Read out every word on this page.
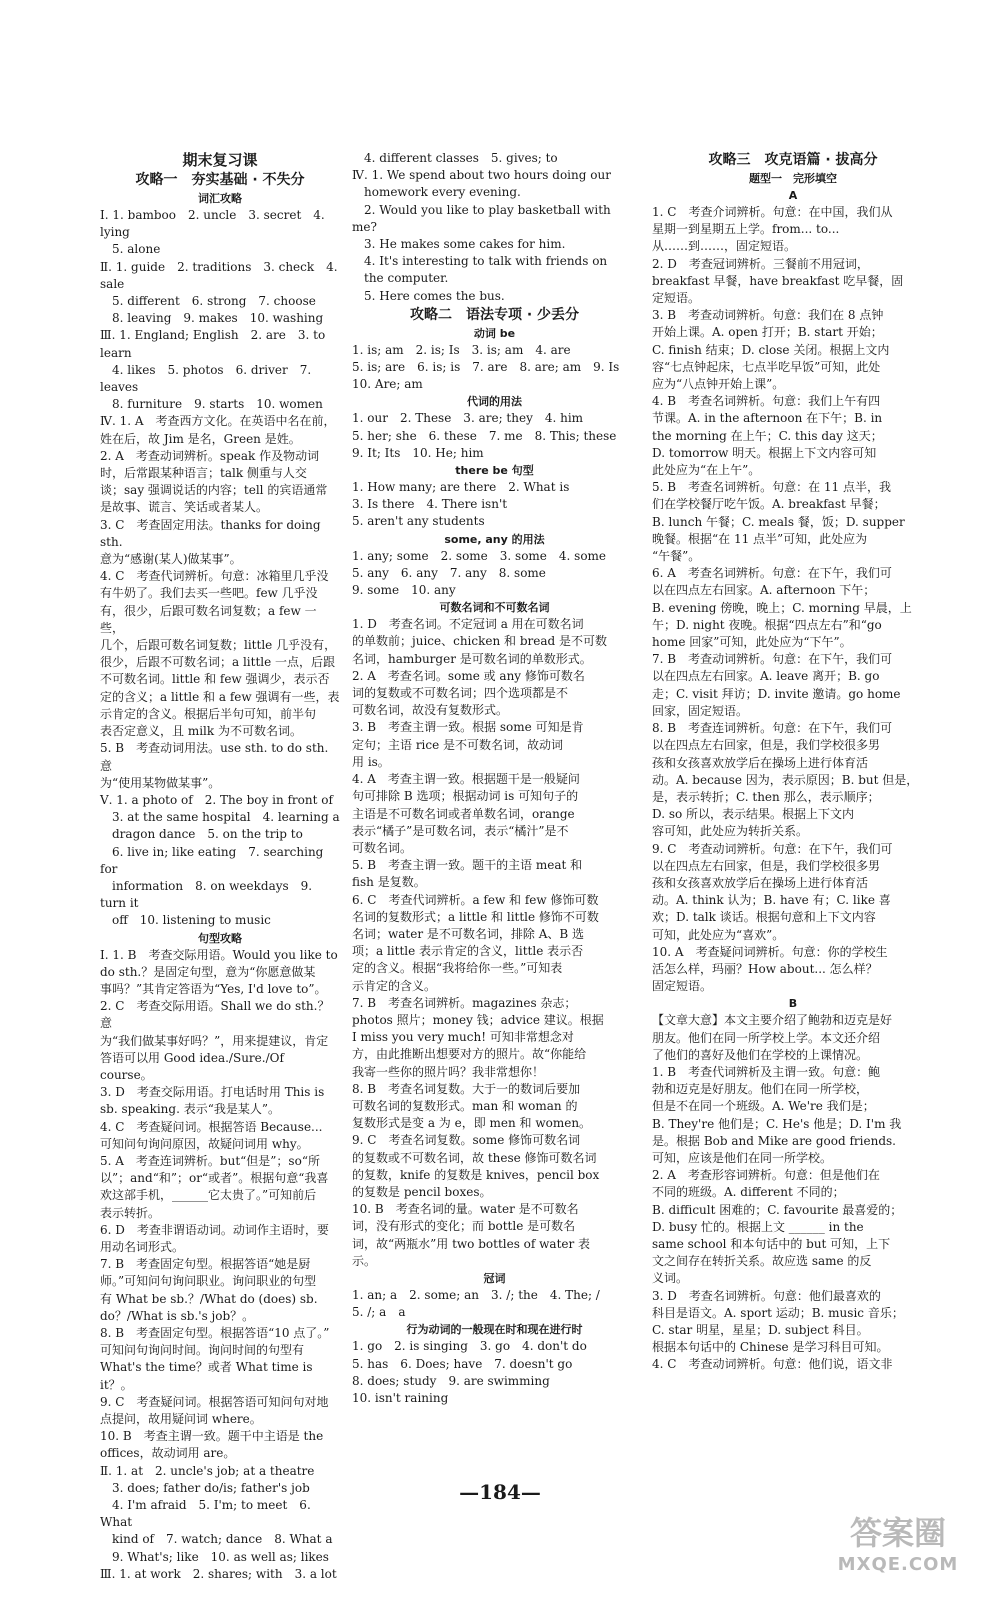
期末复习课
攻略一　夯实基础 · 不失分
词汇攻略
Ⅰ. 1. bamboo　2. uncle　3. secret　4. lying
　5. alone
Ⅱ. 1. guide　2. traditions　3. check　4. sale
　5. different　6. strong　7. choose
　8. leaving　9. makes　10. washing
Ⅲ. 1. England; English　2. are　3. to learn
　4. likes　5. photos　6. driver　7. leaves
　8. furniture　9. starts　10. women
Ⅳ. 1. A　考查西方文化。在英语中名在前，
姓在后，故 Jim 是名，Green 是姓。
2. A　考查动词辨析。speak 作及物动词
时，后常跟某种语言；talk 侧重与人交
谈；say 强调说话的内容；tell 的宾语通常
是故事、谎言、笑话或者某人。
3. C　考查固定用法。thanks for doing sth.
意为“感谢(某人)做某事”。
4. C　考查代词辨析。句意：冰箱里几乎没
有牛奶了。我们去买一些吧。few 几乎没
有，很少，后跟可数名词复数；a few 一些，
几个，后跟可数名词复数；little 几乎没有，
很少，后跟不可数名词；a little 一点，后跟
不可数名词。little 和 few 强调少，表示否
定的含义；a little 和 a few 强调有一些，表
示肯定的含义。根据后半句可知，前半句
表否定意义，且 milk 为不可数名词。
5. B　考查动词用法。use sth. to do sth. 意
为“使用某物做某事”。
Ⅴ. 1. a photo of　2. The boy in front of
　3. at the same hospital　4. learning a
　dragon dance　5. on the trip to
　6. live in; like eating　7. searching for
　information　8. on weekdays　9. turn it
　off　10. listening to music
句型攻略
Ⅰ. 1. B　考查交际用语。Would you like to
do sth.？是固定句型，意为“你愿意做某
事吗？”其肯定答语为“Yes, I'd love to”。
2. C　考查交际用语。Shall we do sth.？意
为“我们做某事好吗？”，用来提建议，肯定
答语可以用 Good idea./Sure./Of course。
3. D　考查交际用语。打电话时用 This is
sb. speaking. 表示“我是某人”。
4. C　考查疑问词。根据答语 Because...
可知问句询问原因，故疑问词用 why。
5. A　考查连词辨析。but“但是”；so“所
以”；and“和”；or“或者”。根据句意“我喜
欢这部手机，______它太贵了。”可知前后
表示转折。
6. D　考查非谓语动词。动词作主语时，要
用动名词形式。
7. B　考查固定句型。根据答语“她是厨
师。”可知问句询问职业。询问职业的句型
有 What be sb.？/What do (does) sb.
do？/What is sb.'s job？。
8. B　考查固定句型。根据答语“10 点了。”
可知问句询问时间。询问时间的句型有
What's the time？或者 What time is it？。
9. C　考查疑问词。根据答语可知问句对地
点提问，故用疑问词 where。
10. B　考查主谓一致。题干中主语是 the
offices，故动词用 are。
Ⅱ. 1. at　2. uncle's job; at a theatre
　3. does; father do/is; father's job
　4. I'm afraid　5. I'm; to meet　6. What
　kind of　7. watch; dance　8. What a
　9. What's; like　10. as well as; likes
Ⅲ. 1. at work　2. shares; with　3. a lot
　4. different classes　5. gives; to
Ⅳ. 1. We spend about two hours doing our
　homework every evening.
　2. Would you like to play basketball with me?
　3. He makes some cakes for him.
　4. It's interesting to talk with friends on
　the computer.
　5. Here comes the bus.
攻略二　语法专项 · 少丢分
动词 be
1. is; am　2. is; Is　3. is; am　4. are
5. is; are　6. is; is　7. are　8. are; am　9. Is
10. Are; am
代词的用法
1. our　2. These　3. are; they　4. him
5. her; she　6. these　7. me　8. This; these
9. It; Its　10. He; him
there be 句型
1. How many; are there　2. What is
3. Is there　4. There isn't
5. aren't any students
some, any 的用法
1. any; some　2. some　3. some　4. some
5. any　6. any　7. any　8. some
9. some　10. any
可数名词和不可数名词
1. D　考查名词。不定冠词 a 用在可数名词
的单数前；juice、chicken 和 bread 是不可数
名词，hamburger 是可数名词的单数形式。
2. A　考查名词。some 或 any 修饰可数名
词的复数或不可数名词；四个选项都是不
可数名词，故没有复数形式。
3. B　考查主谓一致。根据 some 可知是肯
定句；主语 rice 是不可数名词，故动词
用 is。
4. A　考查主谓一致。根据题干是一般疑问
句可排除 B 选项；根据动词 is 可知句子的
主语是不可数名词或者单数名词，orange
表示“橘子”是可数名词，表示“橘汁”是不
可数名词。
5. B　考查主谓一致。题干的主语 meat 和
fish 是复数。
6. C　考查代词辨析。a few 和 few 修饰可数
名词的复数形式；a little 和 little 修饰不可数
名词；water 是不可数名词，排除 A、B 选
项；a little 表示肯定的含义，little 表示否
定的含义。根据“我将给你一些。”可知表
示肯定的含义。
7. B　考查名词辨析。magazines 杂志；
photos 照片；money 钱；advice 建议。根据
I miss you very much! 可知非常想念对
方，由此推断出想要对方的照片。故“你能给
我寄一些你的照片吗？我非常想你！
8. B　考查名词复数。大于一的数词后要加
可数名词的复数形式。man 和 woman 的
复数形式是变 a 为 e，即 men 和 women。
9. C　考查名词复数。some 修饰可数名词
的复数或不可数名词，故 these 修饰可数名词
的复数，knife 的复数是 knives，pencil box
的复数是 pencil boxes。
10. B　考查名词的量。water 是不可数名
词，没有形式的变化；而 bottle 是可数名
词，故“两瓶水”用 two bottles of water 表
示。
冠词
1. an; a　2. some; an　3. /; the　4. The; /
5. /; a　a
行为动词的一般现在时和现在进行时
1. go　2. is singing　3. go　4. don't do
5. has　6. Does; have　7. doesn't go
8. does; study　9. are swimming
10. isn't raining
攻略三　攻克语篇 · 拔高分
题型一　完形填空
A
1. C　考查介词辨析。句意：在中国，我们从
星期一到星期五上学。from... to...
从……到……，固定短语。
2. D　考查冠词辨析。三餐前不用冠词，
breakfast 早餐，have breakfast 吃早餐，固
定短语。
3. B　考查动词辨析。句意：我们在 8 点钟
开始上课。A. open 打开；B. start 开始；
C. finish 结束；D. close 关闭。根据上文内
容“七点钟起床，七点半吃早饭”可知，此处
应为“八点钟开始上课”。
4. B　考查名词辨析。句意：我们上午有四
节课。A. in the afternoon 在下午；B. in
the morning 在上午；C. this day 这天；
D. tomorrow 明天。根据上下文内容可知
此处应为“在上午”。
5. B　考查名词辨析。句意：在 11 点半，我
们在学校餐厅吃午饭。A. breakfast 早餐；
B. lunch 午餐；C. meals 餐，饭；D. supper
晚餐。根据“在 11 点半”可知，此处应为
“午餐”。
6. A　考查名词辨析。句意：在下午，我们可
以在四点左右回家。A. afternoon 下午；
B. evening 傍晚，晚上；C. morning 早晨，上
午；D. night 夜晚。根据“四点左右”和“go
home 回家”可知，此处应为“下午”。
7. B　考查动词辨析。句意：在下午，我们可
以在四点左右回家。A. leave 离开；B. go
走；C. visit 拜访；D. invite 邀请。go home
回家，固定短语。
8. B　考查连词辨析。句意：在下午，我们可
以在四点左右回家，但是，我们学校很多男
孩和女孩喜欢放学后在操场上进行体育活
动。A. because 因为，表示原因；B. but 但是，
是，表示转折；C. then 那么，表示顺序；
D. so 所以，表示结果。根据上下文内
容可知，此处应为转折关系。
9. C　考查动词辨析。句意：在下午，我们可
以在四点左右回家，但是，我们学校很多男
孩和女孩喜欢放学后在操场上进行体育活
动。A. think 认为；B. have 有；C. like 喜
欢；D. talk 谈话。根据句意和上下文内容
可知，此处应为“喜欢”。
10. A　考查疑问词辨析。句意：你的学校生
活怎么样，玛丽？How about... 怎么样？
固定短语。
B
【文章大意】本文主要介绍了鲍勃和迈克是好
朋友。他们在同一所学校上学。本文还介绍
了他们的喜好及他们在学校的上课情况。
1. B　考查代词辨析及主谓一致。句意：鲍
勃和迈克是好朋友。他们在同一所学校，
但是不在同一个班级。A. We're 我们是；
B. They're 他们是；C. He's 他是；D. I'm 我
是。根据 Bob and Mike are good friends.
可知，应该是他们在同一所学校。
2. A　考查形容词辨析。句意：但是他们在
不同的班级。A. different 不同的；
B. difficult 困难的；C. favourite 最喜爱的；
D. busy 忙的。根据上文 ______ in the
same school 和本句话中的 but 可知，上下
文之间存在转折关系。故应选 same 的反
义词。
3. D　考查名词辨析。句意：他们最喜欢的
科目是语文。A. sport 运动；B. music 音乐；
C. star 明星，星星；D. subject 科目。
根据本句话中的 Chinese 是学习科目可知。
4. C　考查动词辨析。句意：他们说，语文非
—184—
答案圈
MXQE.COM
